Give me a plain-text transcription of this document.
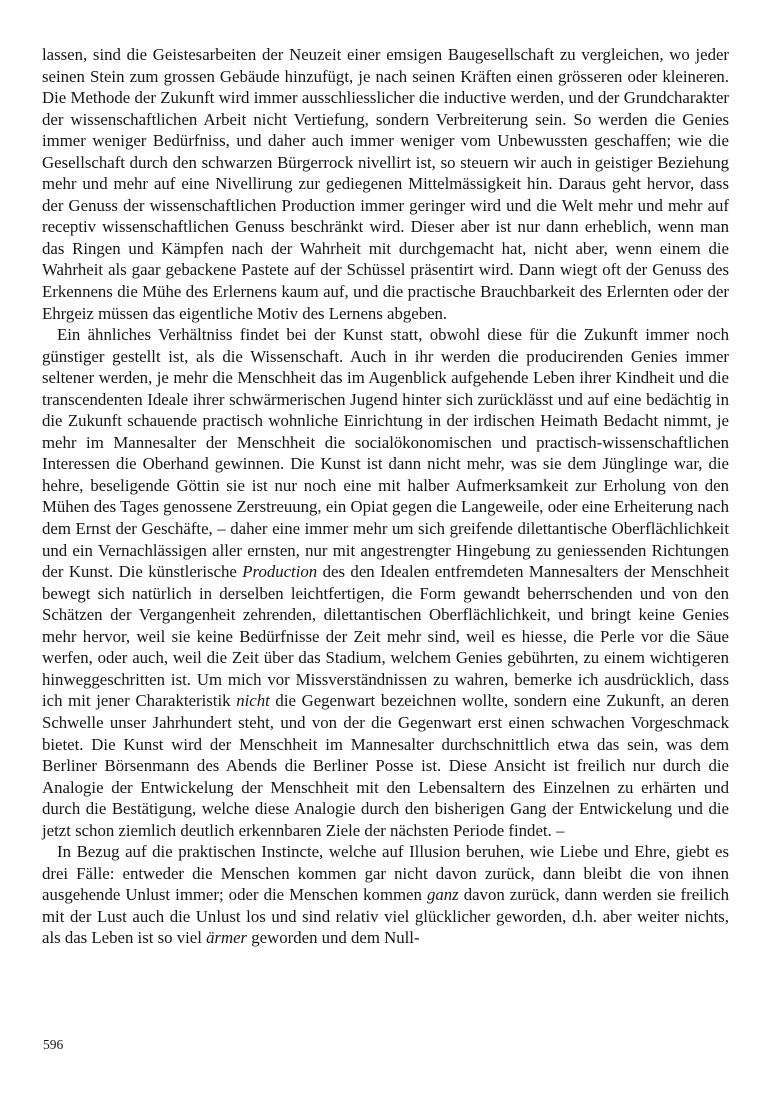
lassen, sind die Geistesarbeiten der Neuzeit einer emsigen Baugesellschaft zu vergleichen, wo jeder seinen Stein zum grossen Gebäude hinzufügt, je nach seinen Kräften einen grösseren oder kleineren. Die Methode der Zukunft wird immer ausschliesslicher die inductive werden, und der Grundcharakter der wissenschaftlichen Arbeit nicht Vertiefung, sondern Verbreiterung sein. So werden die Genies immer weniger Bedürfniss, und daher auch immer weniger vom Unbewussten geschaffen; wie die Gesellschaft durch den schwarzen Bürgerrock nivellirt ist, so steuern wir auch in geistiger Beziehung mehr und mehr auf eine Nivellirung zur gediegenen Mittelmässigkeit hin. Daraus geht hervor, dass der Genuss der wissenschaftlichen Production immer geringer wird und die Welt mehr und mehr auf receptiv wissenschaftlichen Genuss beschränkt wird. Dieser aber ist nur dann erheblich, wenn man das Ringen und Kämpfen nach der Wahrheit mit durchgemacht hat, nicht aber, wenn einem die Wahrheit als gaar gebackene Pastete auf der Schüssel präsentirt wird. Dann wiegt oft der Genuss des Erkennens die Mühe des Erlernens kaum auf, und die practische Brauchbarkeit des Erlernten oder der Ehrgeiz müssen das eigentliche Motiv des Lernens abgeben.

Ein ähnliches Verhältniss findet bei der Kunst statt, obwohl diese für die Zukunft immer noch günstiger gestellt ist, als die Wissenschaft. Auch in ihr werden die producirenden Genies immer seltener werden, je mehr die Menschheit das im Augenblick aufgehende Leben ihrer Kindheit und die transcendenten Ideale ihrer schwärmerischen Jugend hinter sich zurücklässt und auf eine bedächtig in die Zukunft schauende practisch wohnliche Einrichtung in der irdischen Heimath Bedacht nimmt, je mehr im Mannesalter der Menschheit die socialökonomischen und practisch-wissenschaftlichen Interessen die Oberhand gewinnen. Die Kunst ist dann nicht mehr, was sie dem Jünglinge war, die hehre, beseligende Göttin sie ist nur noch eine mit halber Aufmerksamkeit zur Erholung von den Mühen des Tages genossene Zerstreuung, ein Opiat gegen die Langeweile, oder eine Erheiterung nach dem Ernst der Geschäfte, – daher eine immer mehr um sich greifende dilettantische Oberflächlichkeit und ein Vernachlässigen aller ernsten, nur mit angestrengter Hingebung zu geniessenden Richtungen der Kunst. Die künstlerische Production des den Idealen entfremdeten Mannesalters der Menschheit bewegt sich natürlich in derselben leichtfertigen, die Form gewandt beherrschenden und von den Schätzen der Vergangenheit zehrenden, dilettantischen Oberflächlichkeit, und bringt keine Genies mehr hervor, weil sie keine Bedürfnisse der Zeit mehr sind, weil es hiesse, die Perle vor die Säue werfen, oder auch, weil die Zeit über das Stadium, welchem Genies gebührten, zu einem wichtigeren hinweggeschritten ist. Um mich vor Missverständnissen zu wahren, bemerke ich ausdrücklich, dass ich mit jener Charakteristik nicht die Gegenwart bezeichnen wollte, sondern eine Zukunft, an deren Schwelle unser Jahrhundert steht, und von der die Gegenwart erst einen schwachen Vorgeschmack bietet. Die Kunst wird der Menschheit im Mannesalter durchschnittlich etwa das sein, was dem Berliner Börsenmann des Abends die Berliner Posse ist. Diese Ansicht ist freilich nur durch die Analogie der Entwickelung der Menschheit mit den Lebensaltern des Einzelnen zu erhärten und durch die Bestätigung, welche diese Analogie durch den bisherigen Gang der Entwickelung und die jetzt schon ziemlich deutlich erkennbaren Ziele der nächsten Periode findet. –

In Bezug auf die praktischen Instincte, welche auf Illusion beruhen, wie Liebe und Ehre, giebt es drei Fälle: entweder die Menschen kommen gar nicht davon zurück, dann bleibt die von ihnen ausgehende Unlust immer; oder die Menschen kommen ganz davon zurück, dann werden sie freilich mit der Lust auch die Unlust los und sind relativ viel glücklicher geworden, d.h. aber weiter nichts, als das Leben ist so viel ärmer geworden und dem Null-

596
